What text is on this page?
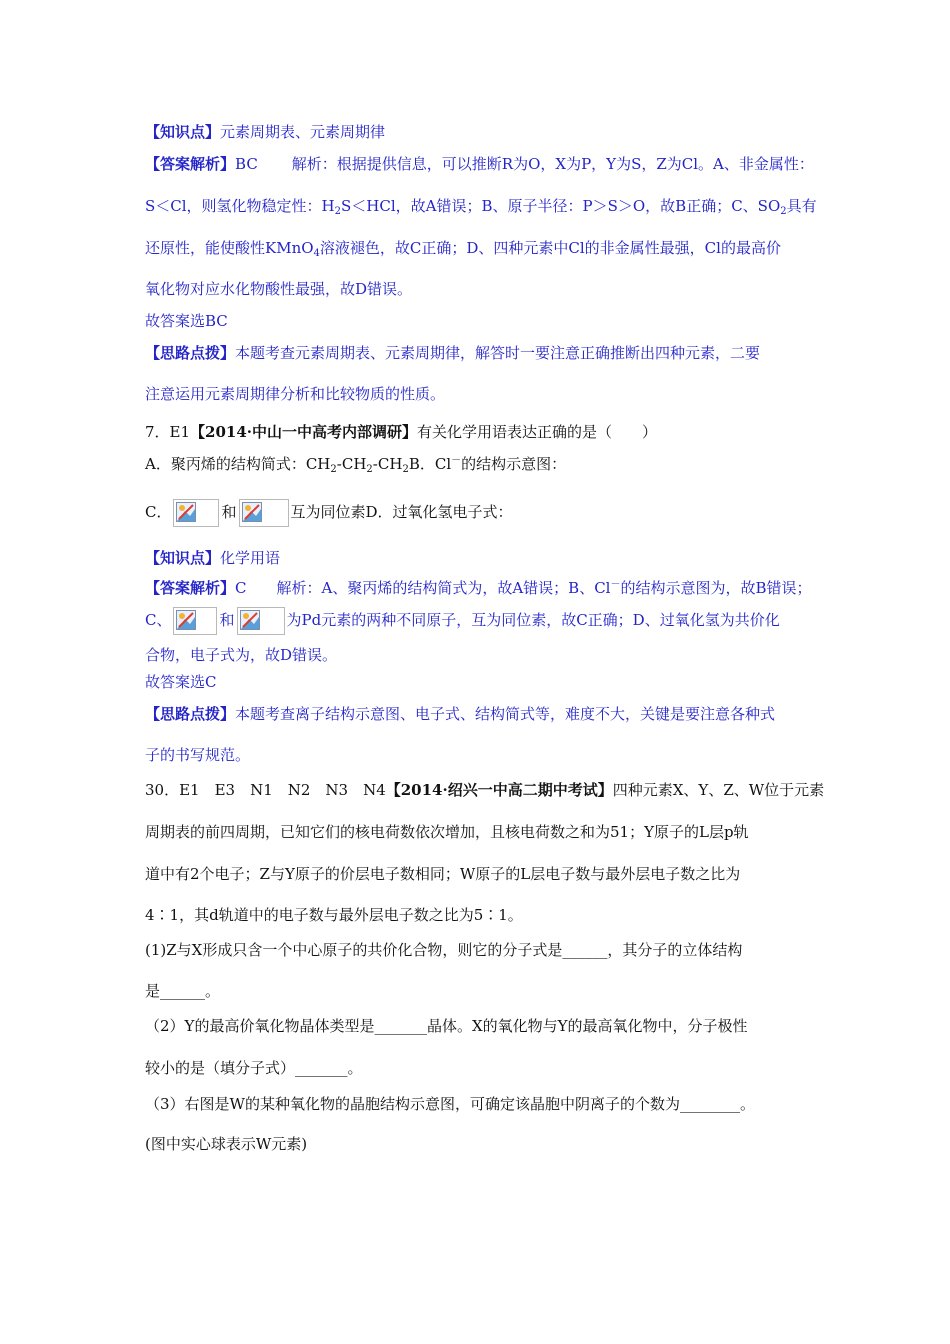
【知识点】元素周期表、元素周期律
【答案解析】BC 解析：根据提供信息，可以推断R为O，X为P，Y为S，Z为Cl。A、非金属性：
S＜Cl，则氢化物稳定性：$H_2S<HCl$，故A错误；B、原子半径：P＞S＞O，故B正确；C、$SO_2$具有
还原性，能使酸性KMnO$_4$溶液褪色，故C正确；D、四种元素中Cl的非金属性最强，Cl的最高价
氧化物对应水化物酸性最强，故D错误。
故答案选BC
【思路点拨】本题考查元素周期表、元素周期律，解答时一要注意正确推断出四种元素，二要
注意运用元素周期律分析和比较物质的性质。
7．E1【2014·中山一中高考内部调研】有关化学用语表达正确的是（　　）
A．聚丙烯的结构简式：$CH_2-CH_2-CH_2B$．Cl－的结构示意图：
C．	和	互为同位素D．过氧化氢电子式：
【知识点】化学用语
【答案解析】C 解析：A、聚丙烯的结构简式为，故A错误；B、Cl－的结构示意图为，故B错误；
C、	和	为Pd元素的两种不同原子，互为同位素，故C正确；D、过氧化氢为共价化
合物，电子式为，故D错误。
故答案选C
【思路点拨】本题考查离子结构示意图、电子式、结构简式等，难度不大，关键是要注意各种式
子的书写规范。
30．E1　E3　N1　N2　N3　N4【2014·绍兴一中高二期中考试】四种元素X、Y、Z、W位于元素
周期表的前四周期，已知它们的核电荷数依次增加，且核电荷数之和为51；Y原子的L层p轨
道中有2个电子；Z与Y原子的价层电子数相同；W原子的L层电子数与最外层电子数之比为
4∶1，其d轨道中的电子数与最外层电子数之比为5∶1。
(1)Z与X形成只含一个中心原子的共价化合物，则它的分子式是______，其分子的立体结构
是______。
（2）Y的最高价氧化物晶体类型是_______晶体。X的氧化物与Y的最高氧化物中，分子极性
较小的是（填分子式）_______。
（3）右图是W的某种氧化物的晶胞结构示意图，可确定该晶胞中阴离子的个数为________。
(图中实心球表示W元素)
